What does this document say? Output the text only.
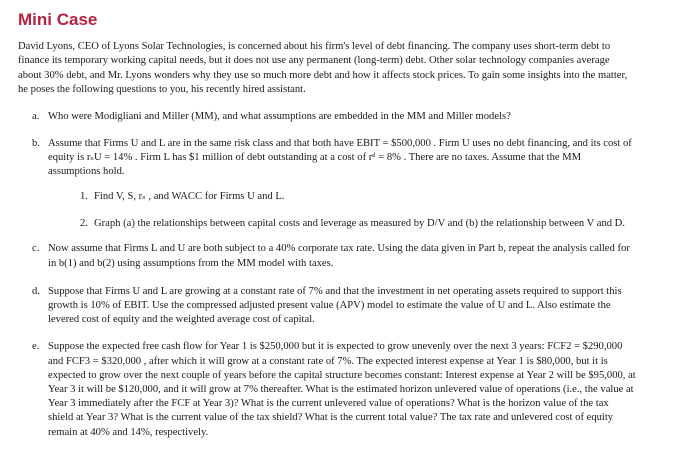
Mini Case
David Lyons, CEO of Lyons Solar Technologies, is concerned about his firm's level of debt financing. The company uses short-term debt to
finance its temporary working capital needs, but it does not use any permanent (long-term) debt. Other solar technology companies average
about 30% debt, and Mr. Lyons wonders why they use so much more debt and how it affects stock prices. To gain some insights into the matter,
he poses the following questions to you, his recently hired assistant.
a. Who were Modigliani and Miller (MM), and what assumptions are embedded in the MM and Miller models?
b. Assume that Firms U and L are in the same risk class and that both have EBIT = $500,000 . Firm U uses no debt financing, and its cost of
equity is rₛU = 14% . Firm L has $1 million of debt outstanding at a cost of rᵈ = 8% . There are no taxes. Assume that the MM
assumptions hold.
1. Find V, S, rₛ , and WACC for Firms U and L.
2. Graph (a) the relationships between capital costs and leverage as measured by D/V and (b) the relationship between V and D.
c. Now assume that Firms L and U are both subject to a 40% corporate tax rate. Using the data given in Part b, repeat the analysis called for
in b(1) and b(2) using assumptions from the MM model with taxes.
d. Suppose that Firms U and L are growing at a constant rate of 7% and that the investment in net operating assets required to support this
growth is 10% of EBIT. Use the compressed adjusted present value (APV) model to estimate the value of U and L. Also estimate the
levered cost of equity and the weighted average cost of capital.
e. Suppose the expected free cash flow for Year 1 is $250,000 but it is expected to grow unevenly over the next 3 years: FCF2 = $290,000
and FCF3 = $320,000 , after which it will grow at a constant rate of 7%. The expected interest expense at Year 1 is $80,000, but it is
expected to grow over the next couple of years before the capital structure becomes constant: Interest expense at Year 2 will be $95,000, at
Year 3 it will be $120,000, and it will grow at 7% thereafter. What is the estimated horizon unlevered value of operations (i.e., the value at
Year 3 immediately after the FCF at Year 3)? What is the current unlevered value of operations? What is the horizon value of the tax
shield at Year 3? What is the current value of the tax shield? What is the current total value? The tax rate and unlevered cost of equity
remain at 40% and 14%, respectively.
